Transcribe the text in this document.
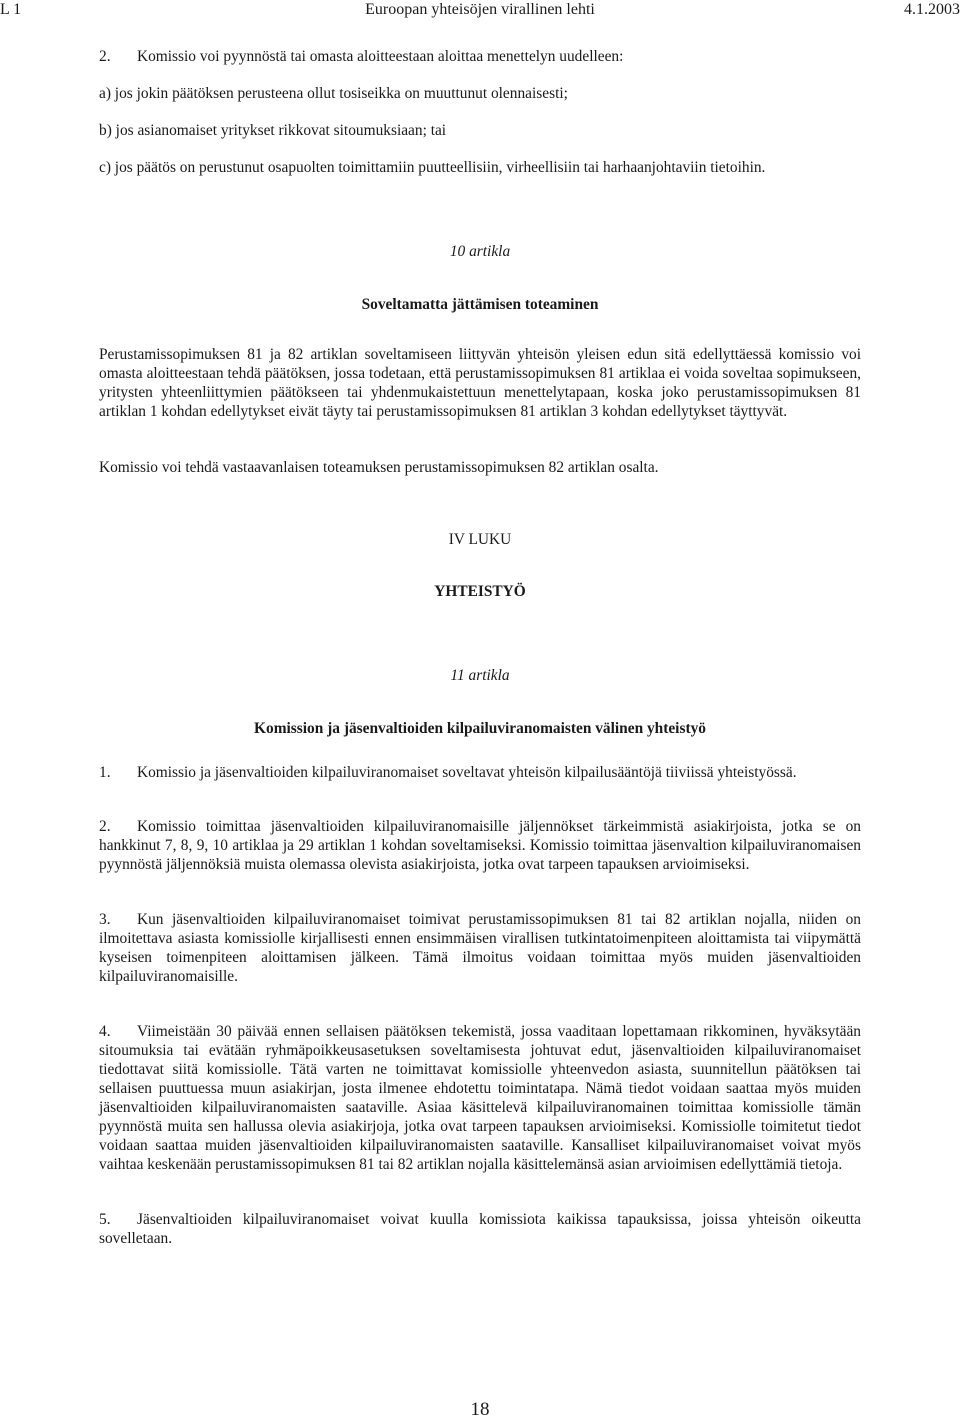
Euroopan yhteisöjen virallinen lehti
L 1	4.1.2003

2. Komissio voi pyynnöstä tai omasta aloitteestaan aloittaa menettelyn uudelleen:

a) jos jokin päätöksen perusteena ollut tosiseikka on muuttunut olennaisesti;

b) jos asianomaiset yritykset rikkovat sitoumuksiaan; tai

c) jos päätös on perustunut osapuolten toimittamiin puutteellisiin, virheellisiin tai harhaanjohtaviin tietoihin.

10 artikla

Soveltamatta jättämisen toteaminen

Perustamissopimuksen 81 ja 82 artiklan soveltamiseen liittyvän yhteisön yleisen edun sitä edellyttäessä komissio voi omasta aloitteestaan tehdä päätöksen, jossa todetaan, että perustamissopimuksen 81 artiklaa ei voida soveltaa sopimukseen, yritysten yhteenliittymien päätökseen tai yhdenmukaistettuun menettelytapaan, koska joko perustamissopimuksen 81 artiklan 1 kohdan edellytykset eivät täyty tai perustamissopimuksen 81 artiklan 3 kohdan edellytykset täyttyvät.

Komissio voi tehdä vastaavanlaisen toteamuksen perustamissopimuksen 82 artiklan osalta.

IV LUKU

YHTEISTYÖ

11 artikla

Komission ja jäsenvaltioiden kilpailuviranomaisten välinen yhteistyö

1. Komissio ja jäsenvaltioiden kilpailuviranomaiset soveltavat yhteisön kilpailusääntöjä tiiviissä yhteistyössä.

2. Komissio toimittaa jäsenvaltioiden kilpailuviranomaisille jäljennökset tärkeimmistä asiakirjoista, jotka se on hankkinut 7, 8, 9, 10 artiklaa ja 29 artiklan 1 kohdan soveltamiseksi. Komissio toimittaa jäsenvaltion kilpailuviranomaisen pyynnöstä jäljennöksiä muista olemassa olevista asiakirjoista, jotka ovat tarpeen tapauksen arvioimiseksi.

3. Kun jäsenvaltioiden kilpailuviranomaiset toimivat perustamissopimuksen 81 tai 82 artiklan nojalla, niiden on ilmoitettava asiasta komissiolle kirjallisesti ennen ensimmäisen virallisen tutkintatoimenpiteen aloittamista tai viipymättä kyseisen toimenpiteen aloittamisen jälkeen. Tämä ilmoitus voidaan toimittaa myös muiden jäsenvaltioiden kilpailuviranomaisille.

4. Viimeistään 30 päivää ennen sellaisen päätöksen tekemistä, jossa vaaditaan lopettamaan rikkominen, hyväksytään sitoumuksia tai evätään ryhmäpoikkeusasetuksen soveltamisesta johtuvat edut, jäsenvaltioiden kilpailuviranomaiset tiedottavat siitä komissiolle. Tätä varten ne toimittavat komissiolle yhteenvedon asiasta, suunnitellun päätöksen tai sellaisen puuttuessa muun asiakirjan, josta ilmenee ehdotettu toimintatapa. Nämä tiedot voidaan saattaa myös muiden jäsenvaltioiden kilpailuviranomaisten saataville. Asiaa käsittelevä kilpailuviranomainen toimittaa komissiolle tämän pyynnöstä muita sen hallussa olevia asiakirjoja, jotka ovat tarpeen tapauksen arvioimiseksi. Komissiolle toimitetut tiedot voidaan saattaa muiden jäsenvaltioiden kilpailuviranomaisten saataville. Kansalliset kilpailuviranomaiset voivat myös vaihtaa keskenään perustamissopimuksen 81 tai 82 artiklan nojalla käsittelemänsä asian arvioimisen edellyttämiä tietoja.

5. Jäsenvaltioiden kilpailuviranomaiset voivat kuulla komissiota kaikissa tapauksissa, joissa yhteisön oikeutta sovelletaan.

18
